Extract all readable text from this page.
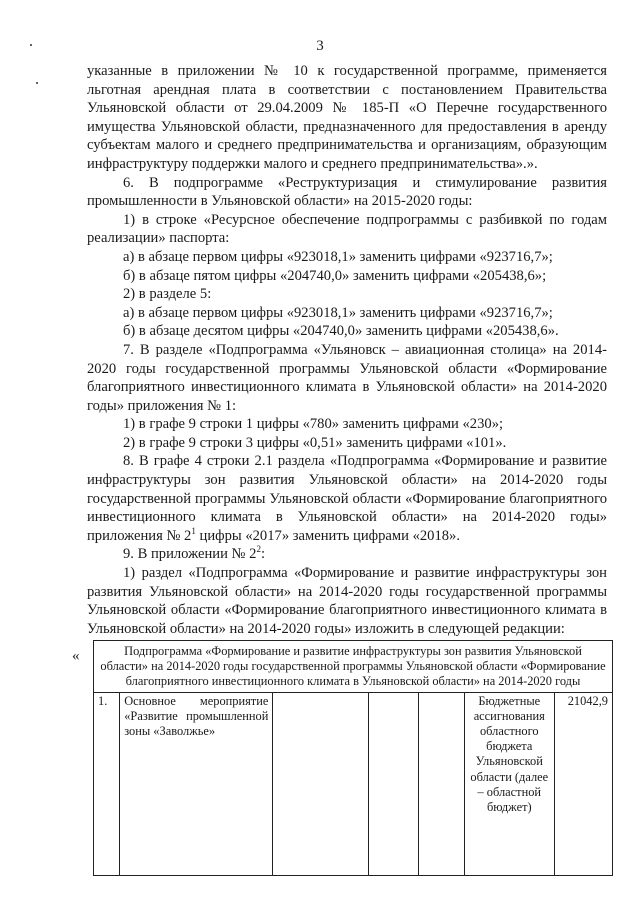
3

указанные в приложении № 10 к государственной программе, применяется льготная арендная плата в соответствии с постановлением Правительства Ульяновской области от 29.04.2009 № 185-П «О Перечне государственного имущества Ульяновской области, предназначенного для предоставления в аренду субъектам малого и среднего предпринимательства и организациям, образующим инфраструктуру поддержки малого и среднего предпринимательства».».

6. В подпрограмме «Реструктуризация и стимулирование развития промышленности в Ульяновской области» на 2015-2020 годы:

1) в строке «Ресурсное обеспечение подпрограммы с разбивкой по годам реализации» паспорта:

а) в абзаце первом цифры «923018,1» заменить цифрами «923716,7»;

б) в абзаце пятом цифры «204740,0» заменить цифрами «205438,6»;

2) в разделе 5:

а) в абзаце первом цифры «923018,1» заменить цифрами «923716,7»;

б) в абзаце десятом цифры «204740,0» заменить цифрами «205438,6».

7. В разделе «Подпрограмма «Ульяновск – авиационная столица» на 2014-2020 годы государственной программы Ульяновской области «Формирование благоприятного инвестиционного климата в Ульяновской области» на 2014-2020 годы» приложения № 1:

1) в графе 9 строки 1 цифры «780» заменить цифрами «230»;

2) в графе 9 строки 3 цифры «0,51» заменить цифрами «101».

8. В графе 4 строки 2.1 раздела «Подпрограмма «Формирование и развитие инфраструктуры зон развития Ульяновской области» на 2014-2020 годы государственной программы Ульяновской области «Формирование благоприятного инвестиционного климата в Ульяновской области» на 2014-2020 годы» приложения № $2^1$ цифры «2017» заменить цифрами «2018».

9. В приложении № $2^2$:

1) раздел «Подпрограмма «Формирование и развитие инфраструктуры зон развития Ульяновской области» на 2014-2020 годы государственной программы Ульяновской области «Формирование благоприятного инвестиционного климата в Ульяновской области» на 2014-2020 годы» изложить в следующей редакции:

«	Подпрограмма «Формирование и развитие инфраструктуры зон развития Ульяновской области» на 2014-2020 годы государственной программы Ульяновской области «Формирование благоприятного инвестиционного климата в Ульяновской области» на 2014-2020 годы
1.	Основное мероприятие «Развитие промышленной зоны «Заволжье»				Бюджетные ассигнования областного бюджета Ульяновской области (далее – областной бюджет)	21042,9
